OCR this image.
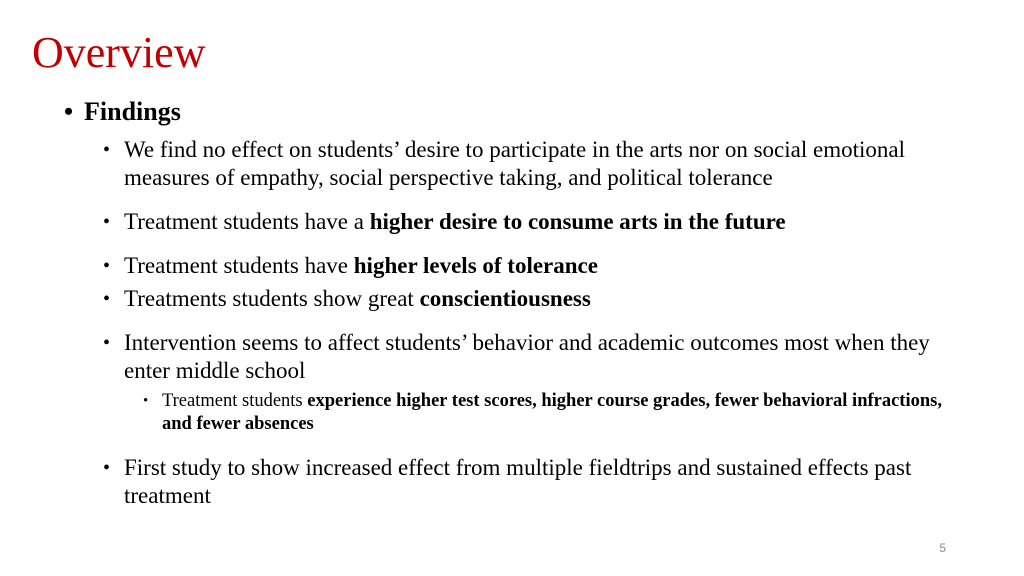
Overview
• Findings
• We find no effect on students’ desire to participate in the arts nor on social emotional measures of empathy, social perspective taking, and political tolerance
• Treatment students have a higher desire to consume arts in the future
• Treatment students have higher levels of tolerance
• Treatments students show great conscientiousness
• Intervention seems to affect students’ behavior and academic outcomes most when they enter middle school
• Treatment students experience higher test scores, higher course grades, fewer behavioral infractions, and fewer absences
• First study to show increased effect from multiple fieldtrips and sustained effects past treatment
5
